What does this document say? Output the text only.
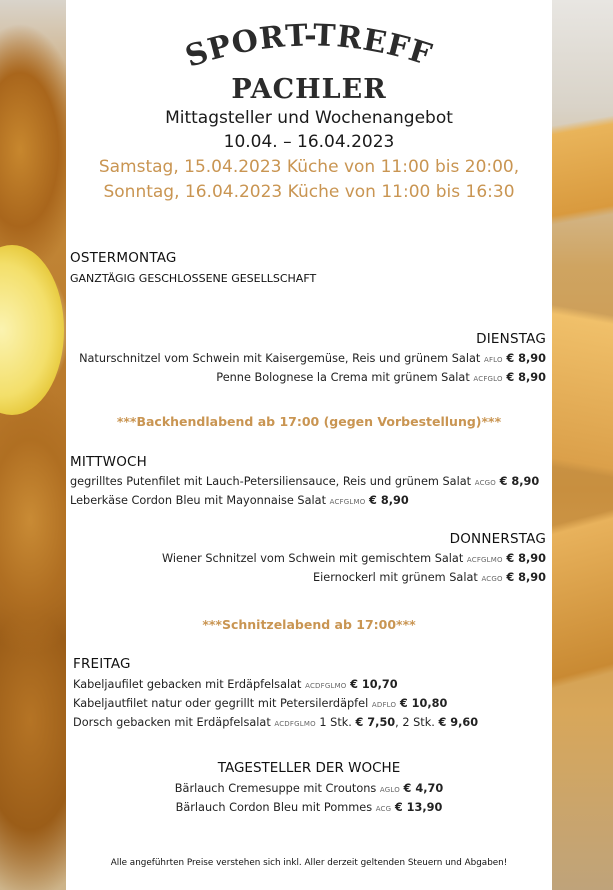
SPORT-TREFF
PACHLER
Mittagsteller und Wochenangebot
10.04. – 16.04.2023
Samstag, 15.04.2023 Küche von 11:00 bis 20:00,
Sonntag, 16.04.2023 Küche von 11:00 bis 16:30
OSTERMONTAG
GANZTÄGIG GESCHLOSSENE GESELLSCHAFT
DIENSTAG
Naturschnitzel vom Schwein mit Kaisergemüse, Reis und grünem Salat AFLO € 8,90
Penne Bolognese la Crema mit grünem Salat ACFGLO € 8,90
***Backhendlabend ab 17:00 (gegen Vorbestellung)***
MITTWOCH
gegrilltes Putenfilet mit Lauch-Petersiliensauce, Reis und grünem Salat ACGO € 8,90
Leberkäse Cordon Bleu mit Mayonnaise Salat ACFGLMO € 8,90
DONNERSTAG
Wiener Schnitzel vom Schwein mit gemischtem Salat ACFGLMO € 8,90
Eiernockerl mit grünem Salat ACGO € 8,90
***Schnitzelabend ab 17:00***
FREITAG
Kabeljaufilet gebacken mit Erdäpfelsalat ACDFGLMO € 10,70
Kabeljautfilet natur oder gegrillt mit Petersilerdäpfel ADFLO € 10,80
Dorsch gebacken mit Erdäpfelsalat ACDFGLMO 1 Stk. € 7,50, 2 Stk. € 9,60
TAGESTELLER DER WOCHE
Bärlauch Cremesuppe mit Croutons AGLO € 4,70
Bärlauch Cordon Bleu mit Pommes ACG € 13,90
Alle angeführten Preise verstehen sich inkl. Aller derzeit geltenden Steuern und Abgaben!
